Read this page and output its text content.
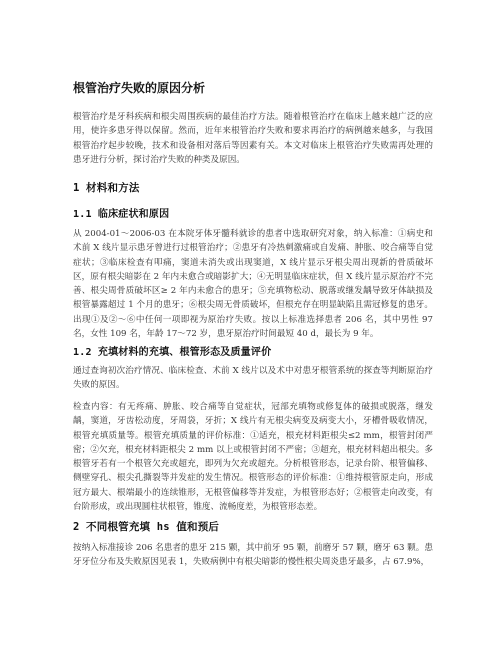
根管治疗失败的原因分析

根管治疗是牙科疾病和根尖周围疾病的最佳治疗方法。随着根管治疗在临床上越来越广泛的应用，使许多患牙得以保留。然而，近年来根管治疗失败和要求再治疗的病例越来越多，与我国根管治疗起步较晚，技术和设备相对落后等因素有关。本文对临床上根管治疗失败需再处理的患牙进行分析，探讨治疗失败的种类及原因。

1 材料和方法
1.1 临床症状和原因

从 2004-01～2006-03 在本院牙体牙髓科就诊的患者中选取研究对象，纳入标准：①病史和术前 X 线片显示患牙曾进行过根管治疗；②患牙有冷热刺激痛或自发痛、肿胀、咬合痛等自觉症状；③临床检查有叩痛，窦道未消失或出现窦道，X 线片显示牙根尖周出现新的骨质破坏区，原有根尖暗影在 2 年内未愈合或暗影扩大；④无明显临床症状，但 X 线片显示原治疗不完善、根尖周骨质破坏区≥ 2 年内未愈合的患牙；⑤充填物松动、脱落或继发龋导致牙体缺损及根管暴露超过 1 个月的患牙；⑥根尖周无骨质破坏，但根充存在明显缺陷且需冠修复的患牙。出现①及②～⑥中任何一项即视为原治疗失败。按以上标准选择患者 206 名，其中男性 97 名，女性 109 名，年龄 17～72 岁，患牙原治疗时间最短 40 d，最长为 9 年。

1.2 充填材料的充填、根管形态及质量评价

通过查询初次治疗情况、临床检查、术前 X 线片以及术中对患牙根管系统的探查等判断原治疗失败的原因。

检查内容：有无疼痛、肿胀、咬合痛等自觉症状，冠部充填物或修复体的破损或脱落，继发龋，窦道，牙齿松动度，牙周袋，牙折；X 线片有无根尖病变及病变大小，牙槽骨吸收情况，根管充填质量等。根管充填质量的评价标准：①适充，根充材料距根尖≤2 mm，根管封闭严密；②欠充，根充材料距根尖 2 mm 以上或根管封闭不严密；③超充，根充材料超出根尖。多根管牙若有一个根管欠充或超充，即列为欠充或超充。分析根管形态，记录台阶、根管偏移、侧壁穿孔、根尖孔撕裂等并发症的发生情况。根管形态的评价标准：①维持根管原走向，形成冠方最大、根端最小的连续锥形，无根管偏移等并发症，为根管形态好；②根管走向改变，有台阶形成，或出现圆柱状根管，锥度、流畅度差，为根管形态差。

2 不同根管充填 hs 值和预后

按纳入标准接诊 206 名患者的患牙 215 颗，其中前牙 95 颗，前磨牙 57 颗，磨牙 63 颗。患牙牙位分布及失败原因见表 1，失败病例中有根尖暗影的慢性根尖周炎患牙最多，占 67.9%，
